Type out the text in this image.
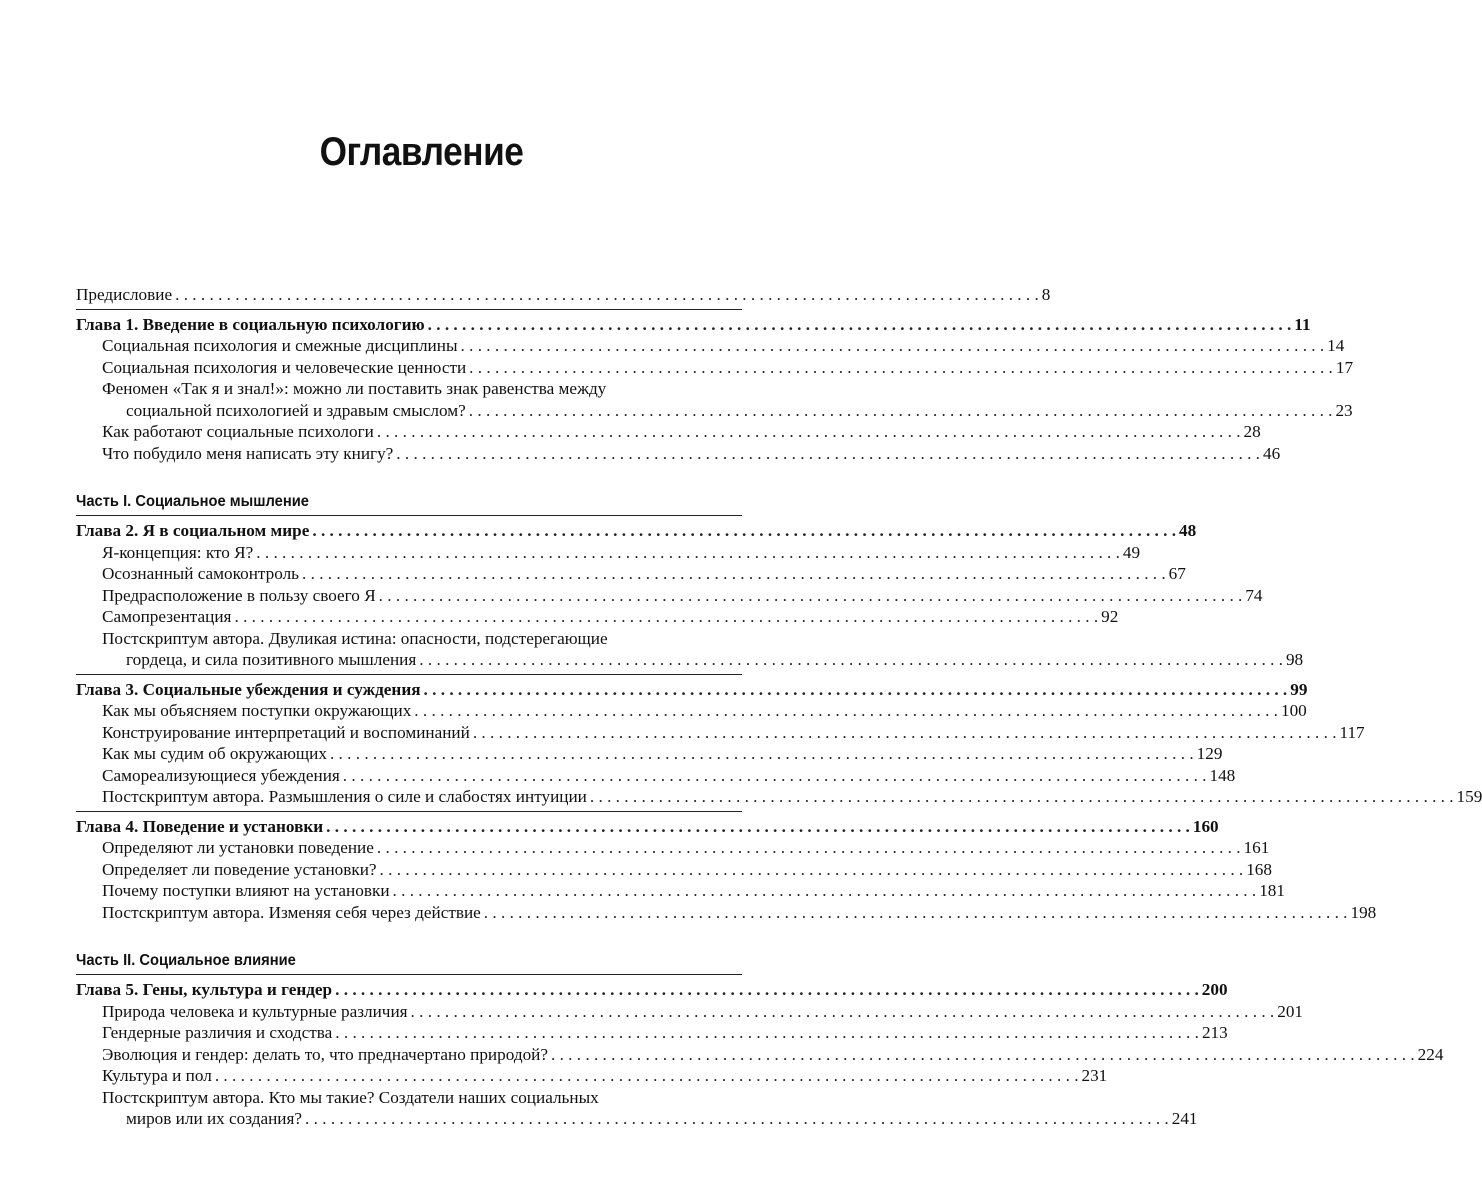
Оглавление
Предисловие . . .	8
Глава 1. Введение в социальную психологию . . .	11
Социальная психология и смежные дисциплины . . .	14
Социальная психология и человеческие ценности . . .	17
Феномен «Так я и знал!»: можно ли поставить знак равенства между
социальной психологией и здравым смыслом? . . .	23
Как работают социальные психологи . . .	28
Что побудило меня написать эту книгу? . . .	46
Часть I. Социальное мышление
Глава 2. Я в социальном мире . . .	48
Я-концепция: кто Я? . . .	49
Осознанный самоконтроль . . .	67
Предрасположение в пользу своего Я . . .	74
Самопрезентация . . .	92
Постскриптум автора. Двуликая истина: опасности, подстерегающие
гордеца, и сила позитивного мышления . . .	98
Глава 3. Социальные убеждения и суждения . . .	99
Как мы объясняем поступки окружающих . . .	100
Конструирование интерпретаций и воспоминаний . . .	117
Как мы судим об окружающих . . .	129
Самореализующиеся убеждения . . .	148
Постскриптум автора. Размышления о силе и слабостях интуиции . . .	159
Глава 4. Поведение и установки . . .	160
Определяют ли установки поведение . . .	161
Определяет ли поведение установки? . . .	168
Почему поступки влияют на установки . . .	181
Постскриптум автора. Изменяя себя через действие . . .	198
Часть II. Социальное влияние
Глава 5. Гены, культура и гендер . . .	200
Природа человека и культурные различия . . .	201
Гендерные различия и сходства . . .	213
Эволюция и гендер: делать то, что предначертано природой? . . .	224
Культура и пол . . .	231
Постскриптум автора. Кто мы такие? Создатели наших социальных
миров или их создания? . . .	241
